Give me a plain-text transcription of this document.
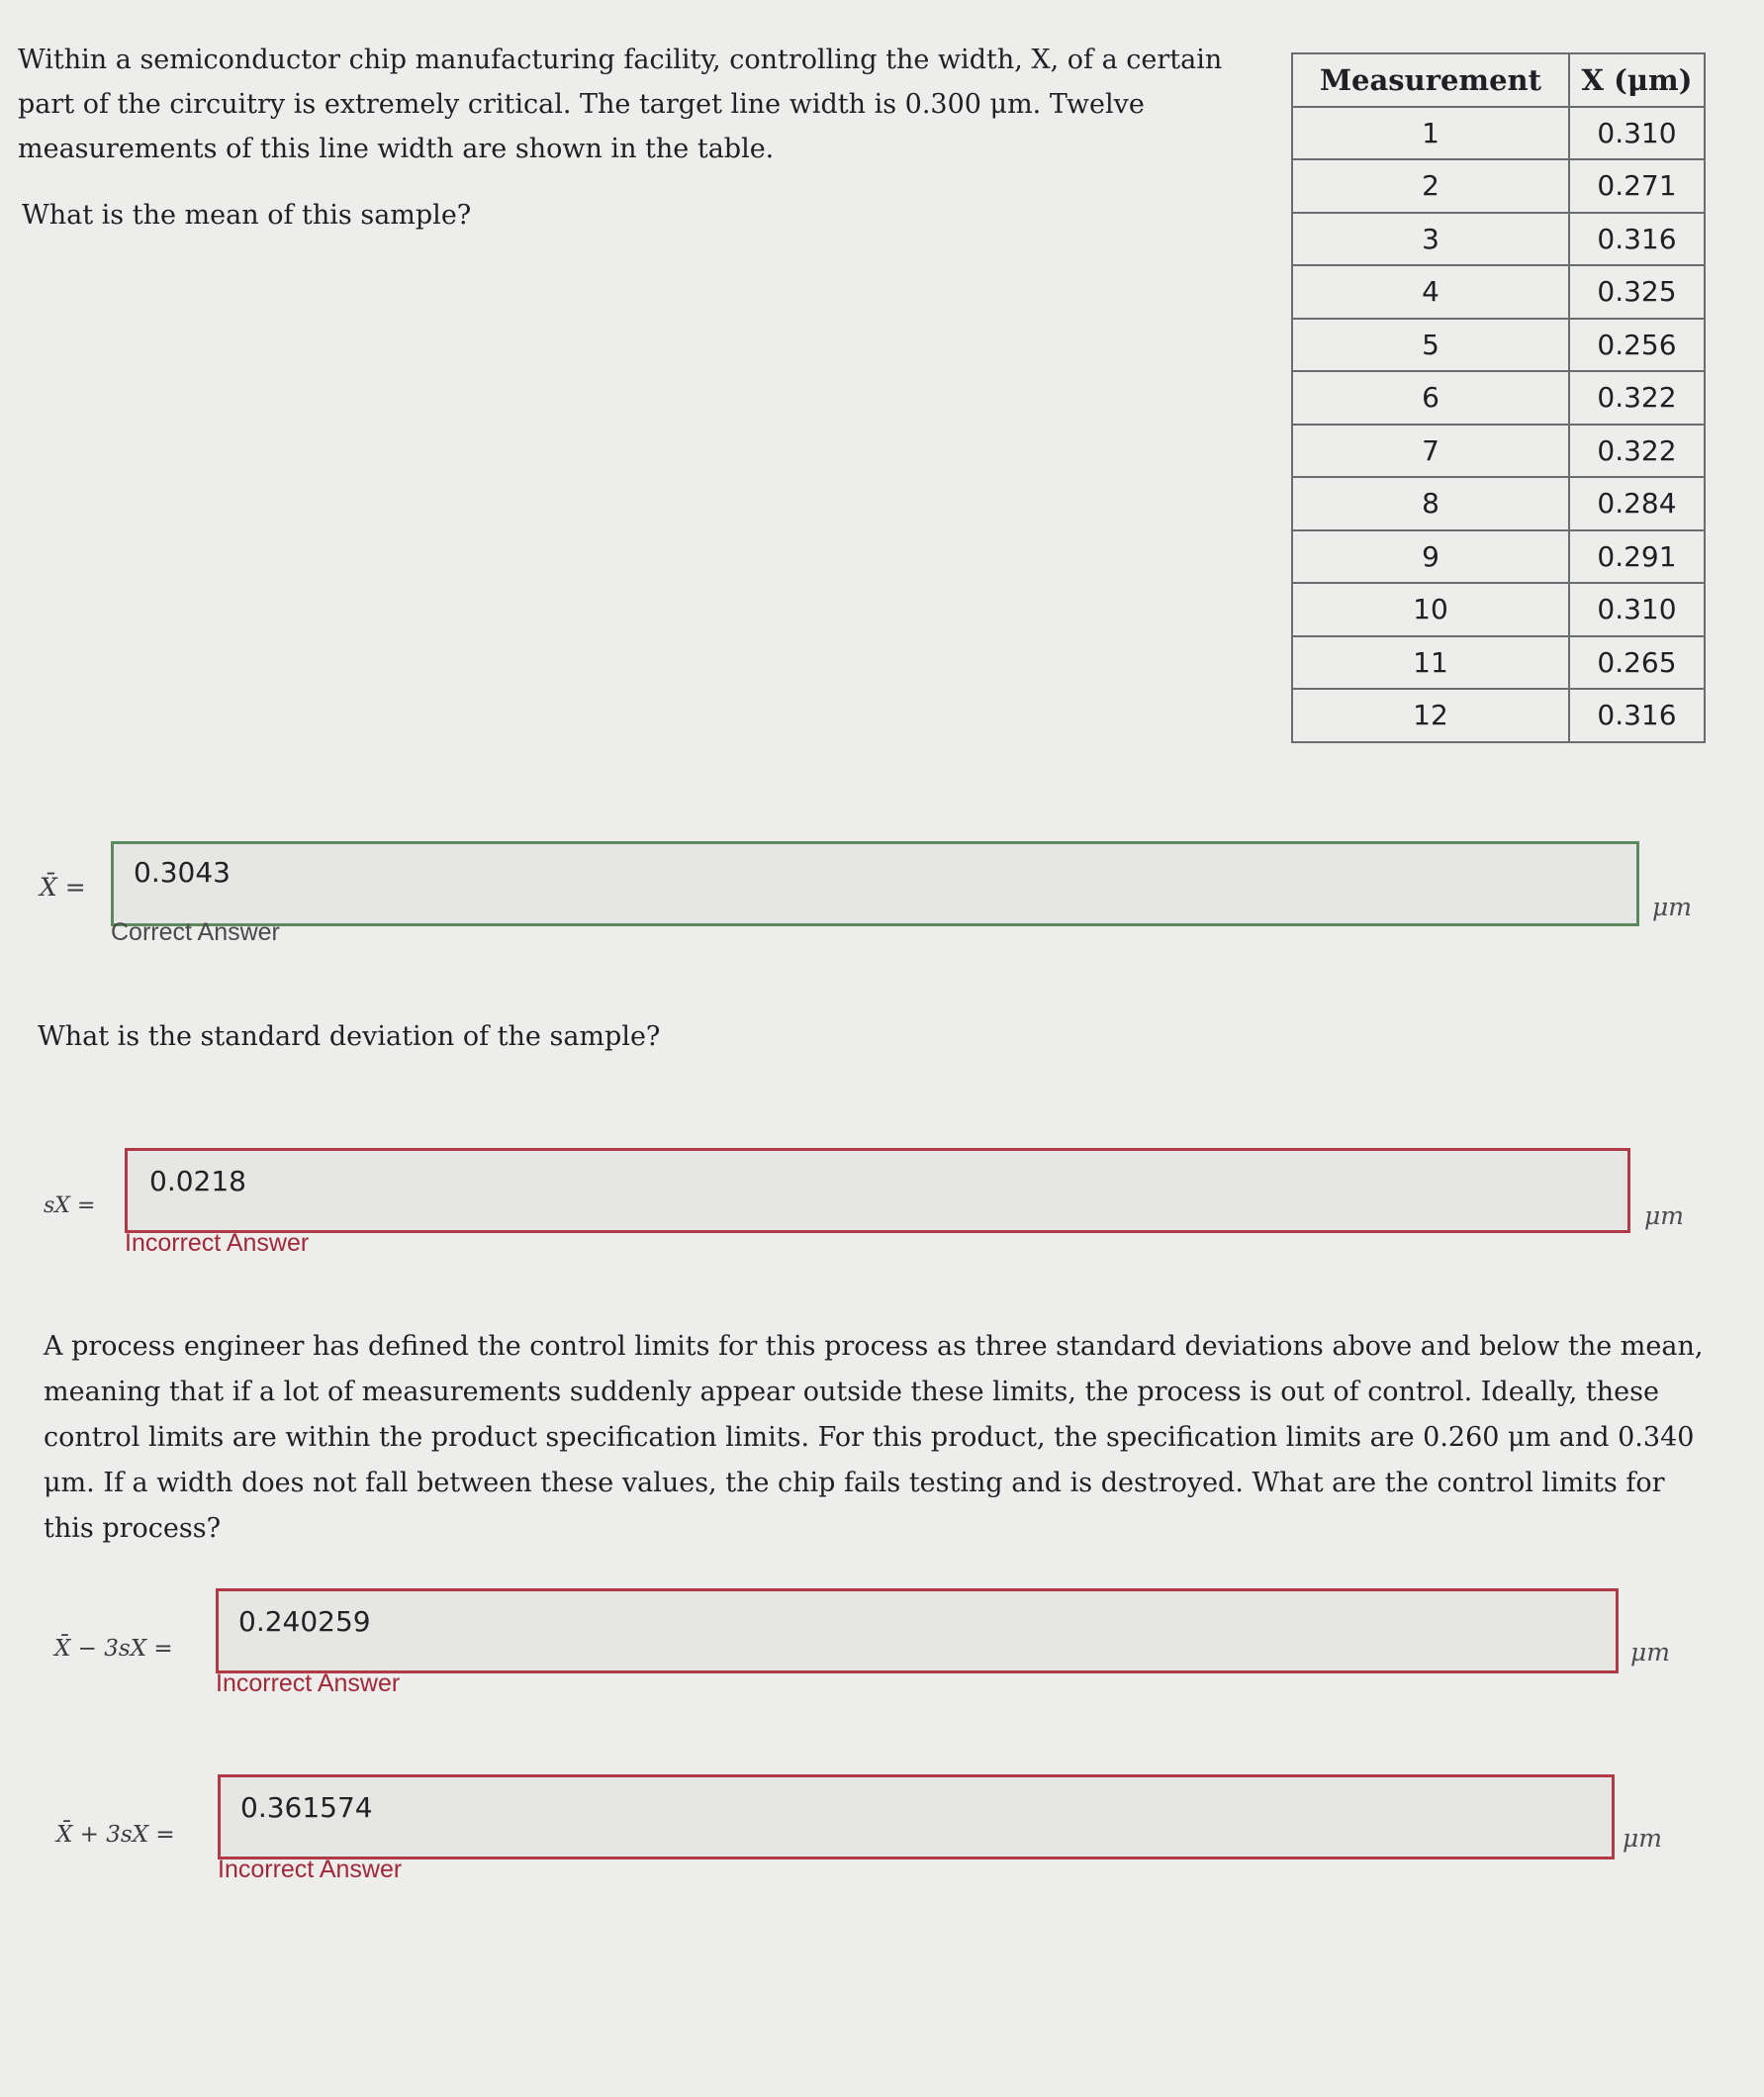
Within a semiconductor chip manufacturing facility, controlling the width, X, of a certain part of the circuitry is extremely critical. The target line width is 0.300 μm. Twelve measurements of this line width are shown in the table.

What is the mean of this sample?

Measurement	X (μm)
1	0.310
2	0.271
3	0.316
4	0.325
5	0.256
6	0.322
7	0.322
8	0.284
9	0.291
10	0.310
11	0.265
12	0.316
X̄ = 0.3043
Correct Answer
μm

What is the standard deviation of the sample?

sX =
0.0218
Incorrect Answer
μm

A process engineer has defined the control limits for this process as three standard deviations above and below the mean, meaning that if a lot of measurements suddenly appear outside these limits, the process is out of control. Ideally, these control limits are within the product specification limits. For this product, the specification limits are 0.260 μm and 0.340 μm. If a width does not fall between these values, the chip fails testing and is destroyed. What are the control limits for this process?

X̄ − 3sX =
0.240259
Incorrect Answer
μm
X̄ + 3sX =
0.361574
Incorrect Answer
μm
